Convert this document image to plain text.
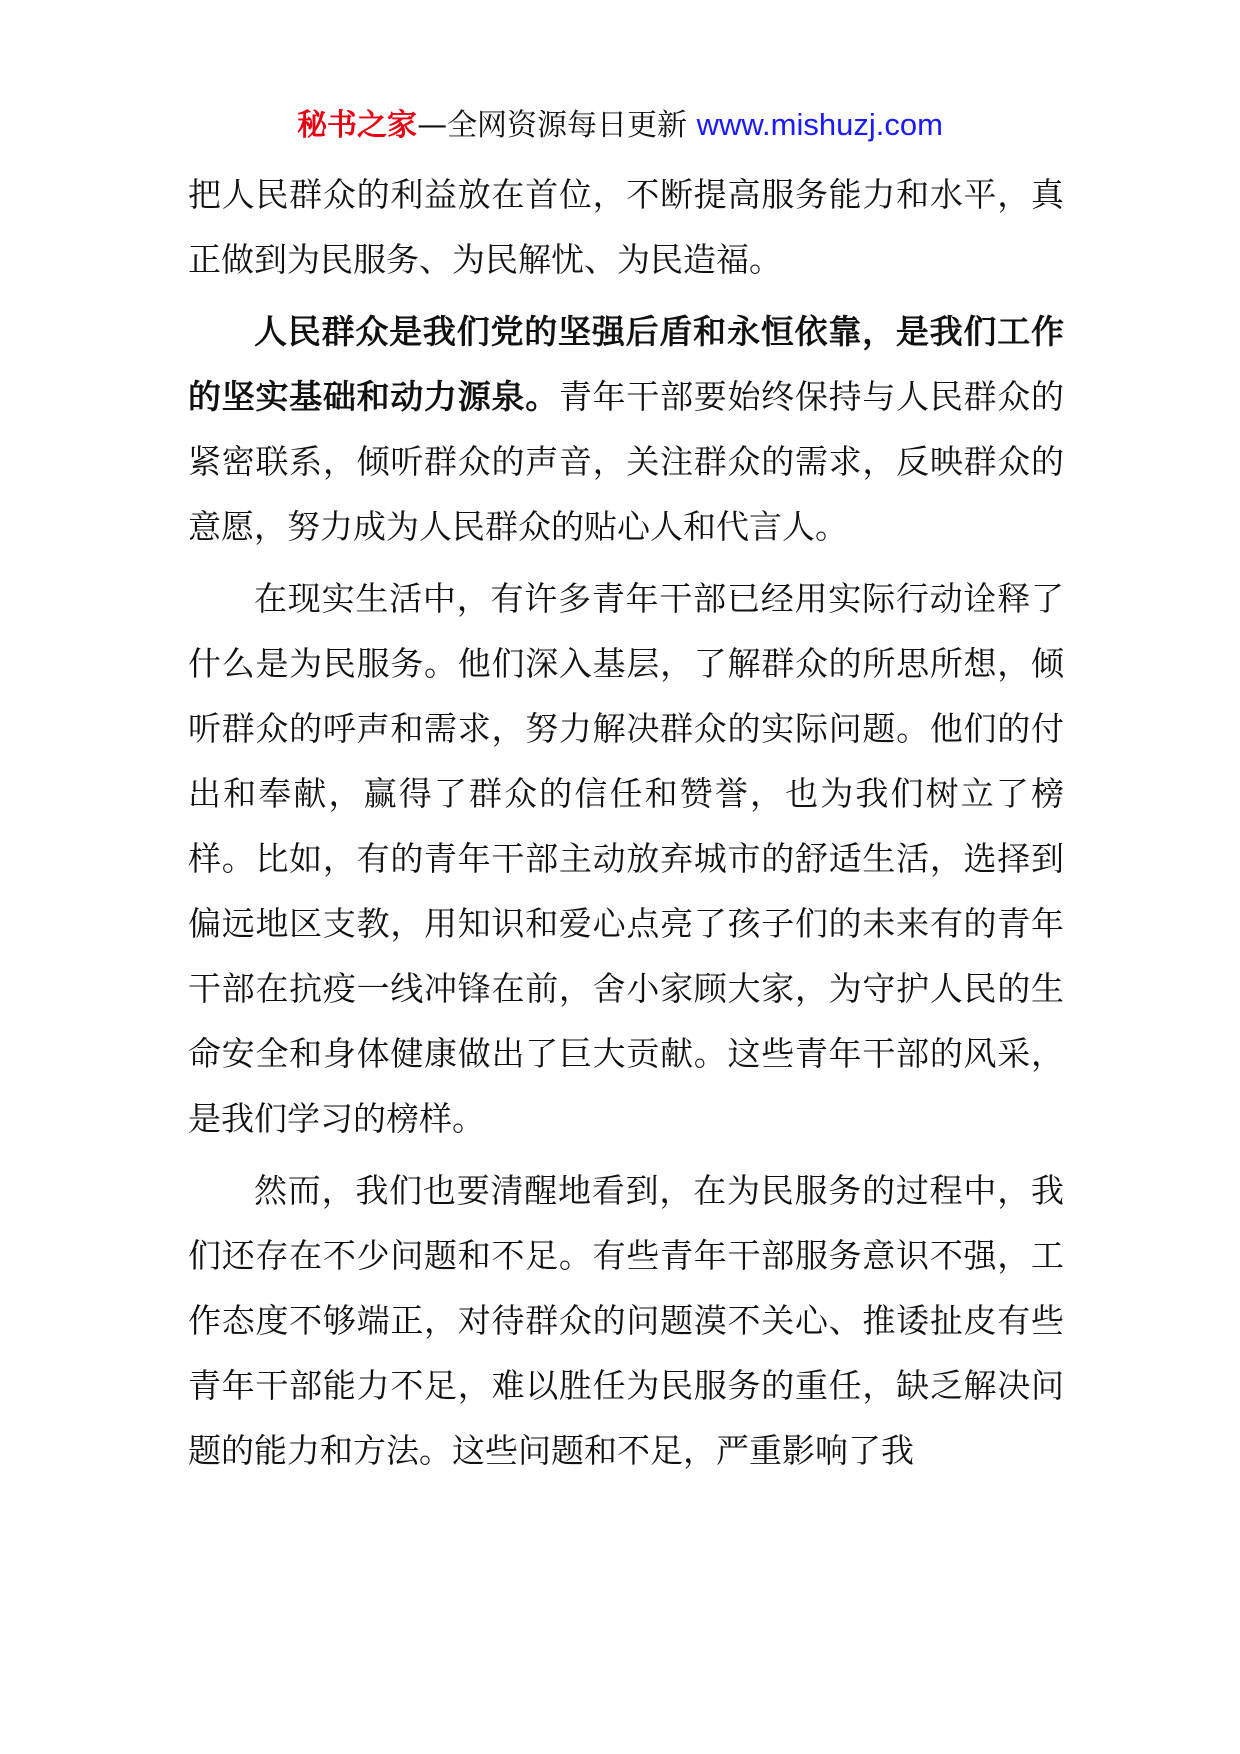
秘书之家—全网资源每日更新 www.mishuzj.com

把人民群众的利益放在首位，不断提高服务能力和水平，真正做到为民服务、为民解忧、为民造福。

人民群众是我们党的坚强后盾和永恒依靠，是我们工作的坚实基础和动力源泉。青年干部要始终保持与人民群众的紧密联系，倾听群众的声音，关注群众的需求，反映群众的意愿，努力成为人民群众的贴心人和代言人。

在现实生活中，有许多青年干部已经用实际行动诠释了什么是为民服务。他们深入基层，了解群众的所思所想，倾听群众的呼声和需求，努力解决群众的实际问题。他们的付出和奉献，赢得了群众的信任和赞誉，也为我们树立了榜样。比如，有的青年干部主动放弃城市的舒适生活，选择到偏远地区支教，用知识和爱心点亮了孩子们的未来有的青年干部在抗疫一线冲锋在前，舍小家顾大家，为守护人民的生命安全和身体健康做出了巨大贡献。这些青年干部的风采，是我们学习的榜样。

然而，我们也要清醒地看到，在为民服务的过程中，我们还存在不少问题和不足。有些青年干部服务意识不强，工作态度不够端正，对待群众的问题漠不关心、推诿扯皮有些青年干部能力不足，难以胜任为民服务的重任，缺乏解决问题的能力和方法。这些问题和不足，严重影响了我
